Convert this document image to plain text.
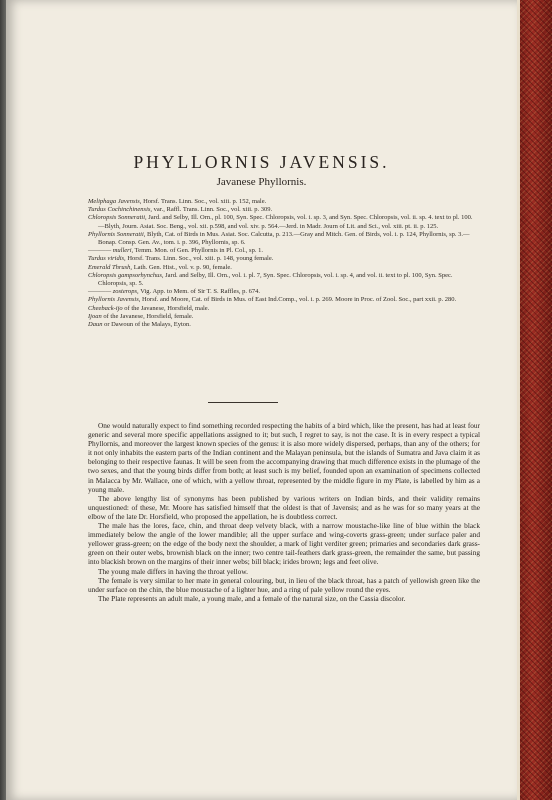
PHYLLORNIS JAVENSIS.
Javanese Phyllornis.
Meliphaga Javensis, Horsf. Trans. Linn. Soc., vol. xiii. p. 152, male.
Turdus Cochinchinensis, var., Raffl. Trans. Linn. Soc., vol. xiii. p. 309.
Chloropsis Sonneratii, Jard. and Selby, Ill. Orn., pl. 100, Syn. Spec. Chloropsis, vol. i. sp. 3, and Syn. Spec. Chloropsis, vol. ii. sp. 4. text to pl. 100.—Blyth, Journ. Asiat. Soc. Beng., vol. xii. p.598, and vol. xiv. p. 564.—Jerd. in Madr. Journ of Lit. and Sci., vol. xiii. pt. ii. p. 125.
Phyllornis Sonneratii, Blyth, Cat. of Birds in Mus. Asiat. Soc. Calcutta, p. 213.—Gray and Mitch. Gen. of Birds, vol. i. p. 124, Phyllornis, sp. 3.—Bonap. Consp. Gen. Av., tom. i. p. 396, Phyllornis, sp. 6.
———— mulleri, Temm. Mon. of Gen. Phyllornis in Pl. Col., sp. 1.
Turdus viridis, Horsf. Trans. Linn. Soc., vol. xiii. p. 148, young female.
Emerald Thrush, Lath. Gen. Hist., vol. v. p. 90, female.
Chloropsis gampsorhynchus, Jard. and Selby, Ill. Orn., vol. i. pl. 7, Syn. Spec. Chloropsis, vol. i. sp. 4, and vol. ii. text to pl. 100, Syn. Spec. Chloropsis, sp. 5.
———— zosterops, Vig. App. to Mem. of Sir T. S. Raffles, p. 674.
Phyllornis Javensis, Horsf. and Moore, Cat. of Birds in Mus. of East Ind.Comp., vol. i. p. 269. Moore in Proc. of Zool. Soc., part xxii. p. 280.
Cheeback-ijo of the Javanese, Horsfield, male.
Ijoan of the Javanese, Horsfield, female.
Daun or Dawoun of the Malays, Eyton.

One would naturally expect to find something recorded respecting the habits of a bird which, like the present, has had at least four generic and several more specific appellations assigned to it; but such, I regret to say, is not the case. It is in every respect a typical Phyllornis, and moreover the largest known species of the genus: it is also more widely dispersed, perhaps, than any of the others; for it not only inhabits the eastern parts of the Indian continent and the Malayan peninsula, but the islands of Sumatra and Java claim it as belonging to their respective faunas. It will be seen from the accompanying drawing that much difference exists in the plumage of the two sexes, and that the young birds differ from both; at least such is my belief, founded upon an examination of specimens collected in Malacca by Mr. Wallace, one of which, with a yellow throat, represented by the middle figure in my Plate, is labelled by him as a young male.

The above lengthy list of synonyms has been published by various writers on Indian birds, and their validity remains unquestioned: of these, Mr. Moore has satisfied himself that the oldest is that of Javensis; and as he was for so many years at the elbow of the late Dr. Horsfield, who proposed the appellation, he is doubtless correct.

The male has the lores, face, chin, and throat deep velvety black, with a narrow moustache-like line of blue within the black immediately below the angle of the lower mandible; all the upper surface and wing-coverts grass-green; under surface paler and yellower grass-green; on the edge of the body next the shoulder, a mark of light verditer green; primaries and secondaries dark grass-green on their outer webs, brownish black on the inner; two centre tail-feathers dark grass-green, the remainder the same, but passing into blackish brown on the margins of their inner webs; bill black; irides brown; legs and feet olive.

The young male differs in having the throat yellow.

The female is very similar to her mate in general colouring, but, in lieu of the black throat, has a patch of yellowish green like the under surface on the chin, the blue moustache of a lighter hue, and a ring of pale yellow round the eyes.

The Plate represents an adult male, a young male, and a female of the natural size, on the Cassia discolor.
